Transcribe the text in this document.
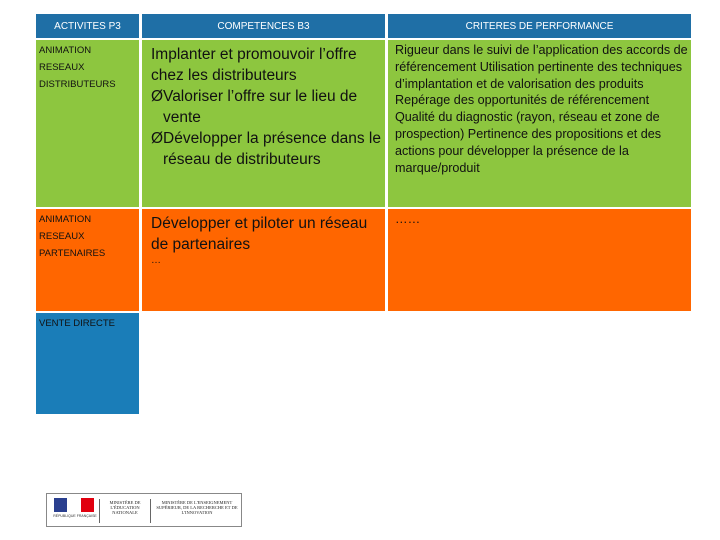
ACTIVITES P3	COMPETENCES B3	CRITERES DE PERFORMANCE
ANIMATION
RESEAUX
DISTRIBUTEURS
Implanter et promouvoir l’offre chez les distributeurs
Ø Valoriser l’offre sur le lieu de vente
Ø Développer la présence dans le réseau de distributeurs
Rigueur dans le suivi de l’application des accords de référencement Utilisation pertinente des techniques d’implantation et de valorisation des produits Repérage des opportunités de référencement Qualité du diagnostic (rayon, réseau et zone de prospection) Pertinence des propositions et des actions pour développer la présence de la marque/produit
ANIMATION
RESEAUX
PARTENAIRES
Développer et piloter un réseau de partenaires
…
……
VENTE DIRECTE
RÉPUBLIQUE FRANÇAISE
MINISTÈRE DE L'ÉDUCATION NATIONALE
MINISTÈRE DE L'ENSEIGNEMENT SUPÉRIEUR, DE LA RECHERCHE ET DE L'INNOVATION
